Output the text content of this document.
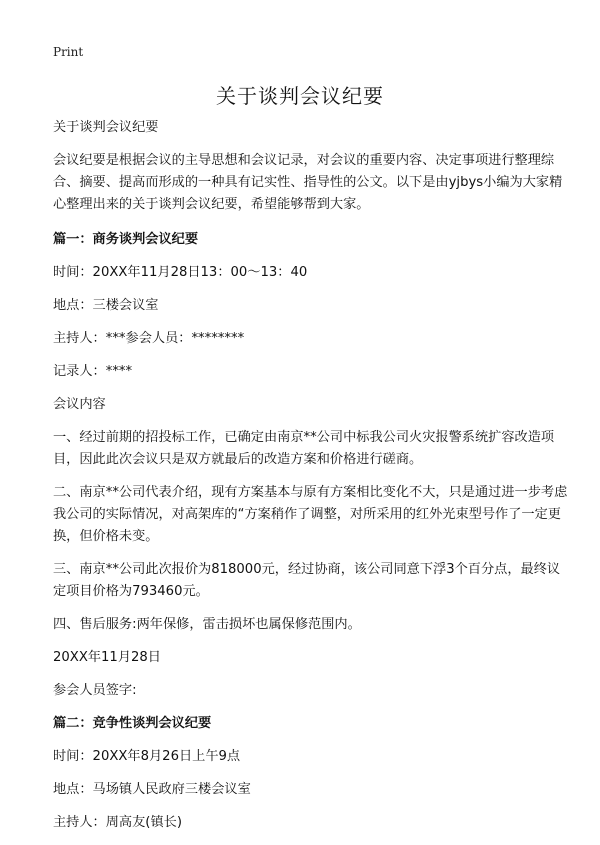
Print
关于谈判会议纪要

关于谈判会议纪要

会议纪要是根据会议的主导思想和会议记录，对会议的重要内容、决定事项进行整理综合、摘要、提高而形成的一种具有记实性、指导性的公文。以下是由yjbys小编为大家精心整理出来的关于谈判会议纪要，希望能够帮到大家。

篇一：商务谈判会议纪要

时间：20XX年11月28日13：00～13：40

地点：三楼会议室

主持人：***参会人员：********

记录人：****

会议内容

一、经过前期的招投标工作，已确定由南京**公司中标我公司火灾报警系统扩容改造项目，因此此次会议只是双方就最后的改造方案和价格进行磋商。

二、南京**公司代表介绍，现有方案基本与原有方案相比变化不大，只是通过进一步考虑我公司的实际情况，对高架库的“方案稍作了调整，对所采用的红外光束型号作了一定更换，但价格未变。

三、南京**公司此次报价为818000元，经过协商，该公司同意下浮3个百分点，最终议定项目价格为793460元。

四、售后服务:两年保修，雷击损坏也属保修范围内。

20XX年11月28日

参会人员签字:

篇二：竞争性谈判会议纪要

时间：20XX年8月26日上午9点

地点：马场镇人民政府三楼会议室

主持人：周高友(镇长)
